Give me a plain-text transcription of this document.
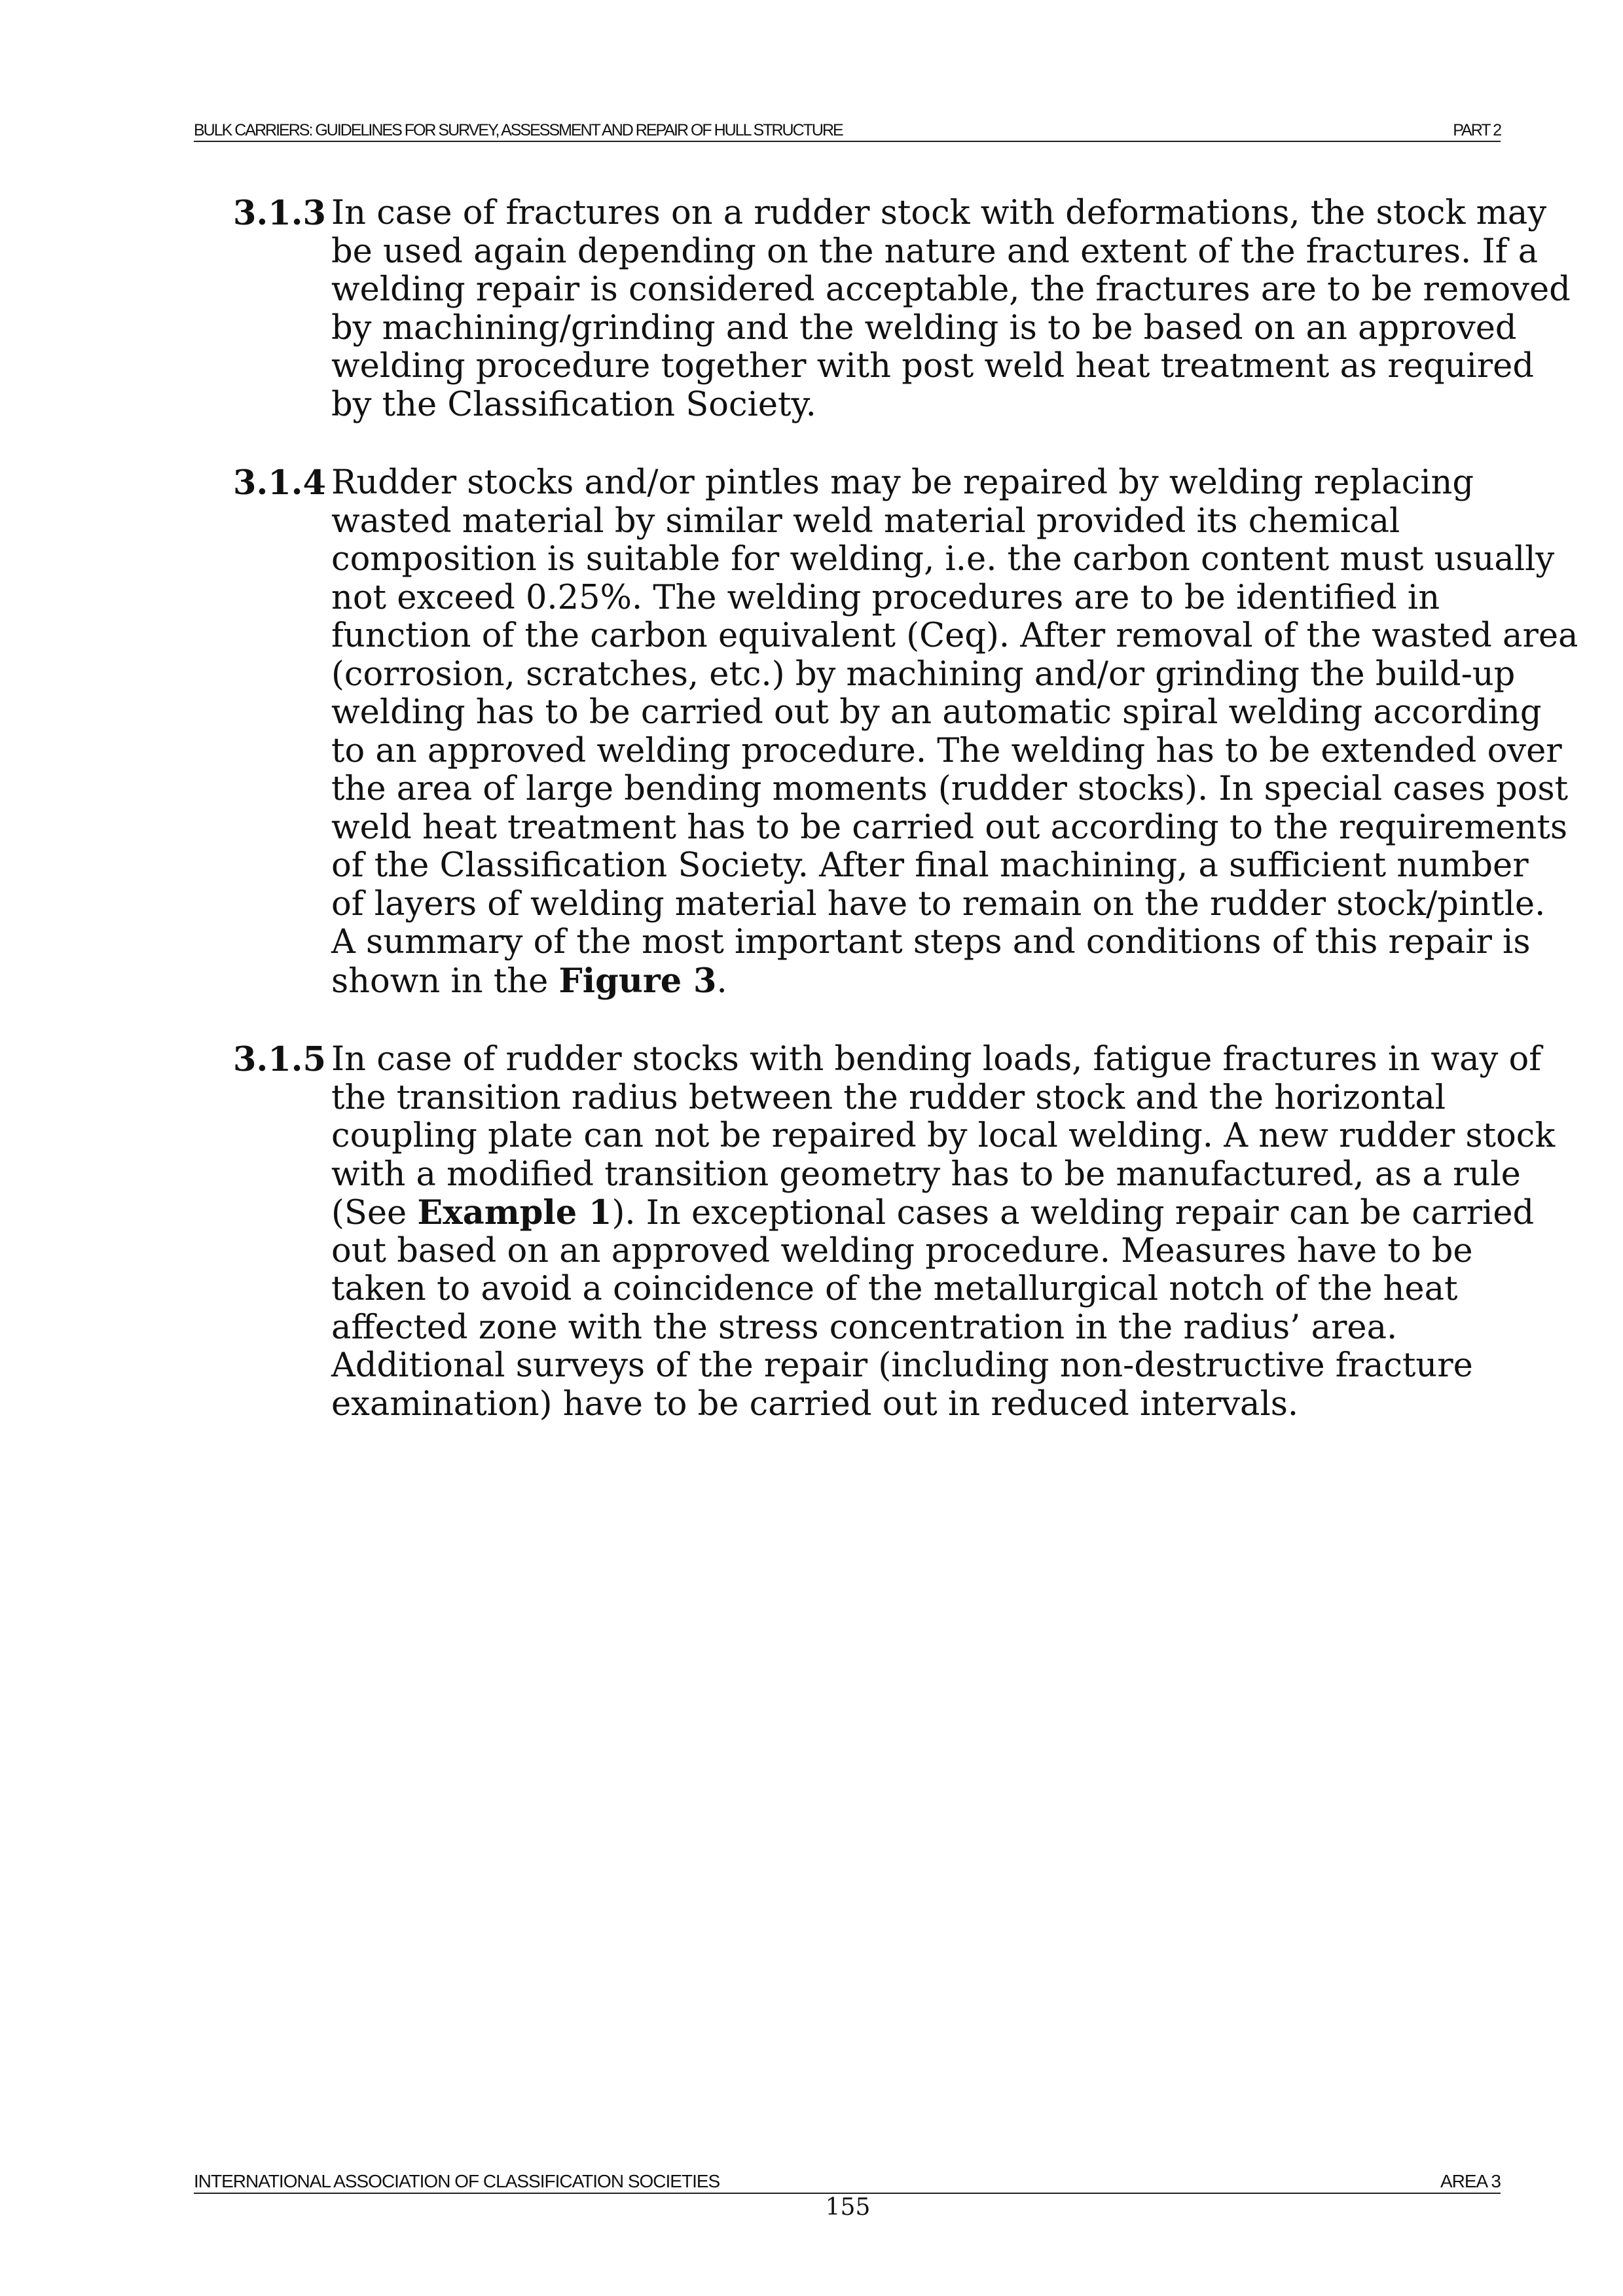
BULK CARRIERS: GUIDELINES FOR SURVEY, ASSESSMENT AND REPAIR OF HULL STRUCTURE	PART 2
3.1.3 In case of fractures on a rudder stock with deformations, the stock may
be used again depending on the nature and extent of the fractures. If a
welding repair is considered acceptable, the fractures are to be removed
by machining/grinding and the welding is to be based on an approved
welding procedure together with post weld heat treatment as required
by the Classification Society.
3.1.4 Rudder stocks and/or pintles may be repaired by welding replacing
wasted material by similar weld material provided its chemical
composition is suitable for welding, i.e. the carbon content must usually
not exceed 0.25%. The welding procedures are to be identified in
function of the carbon equivalent (Ceq). After removal of the wasted area
(corrosion, scratches, etc.) by machining and/or grinding the build-up
welding has to be carried out by an automatic spiral welding according
to an approved welding procedure. The welding has to be extended over
the area of large bending moments (rudder stocks). In special cases post
weld heat treatment has to be carried out according to the requirements
of the Classification Society. After final machining, a sufficient number
of layers of welding material have to remain on the rudder stock/pintle.
A summary of the most important steps and conditions of this repair is
shown in the Figure 3.
3.1.5 In case of rudder stocks with bending loads, fatigue fractures in way of
the transition radius between the rudder stock and the horizontal
coupling plate can not be repaired by local welding. A new rudder stock
with a modified transition geometry has to be manufactured, as a rule
(See Example 1). In exceptional cases a welding repair can be carried
out based on an approved welding procedure. Measures have to be
taken to avoid a coincidence of the metallurgical notch of the heat
affected zone with the stress concentration in the radius’ area.
Additional surveys of the repair (including non-destructive fracture
examination) have to be carried out in reduced intervals.
INTERNATIONAL ASSOCIATION OF CLASSIFICATION SOCIETIES	AREA 3
155
